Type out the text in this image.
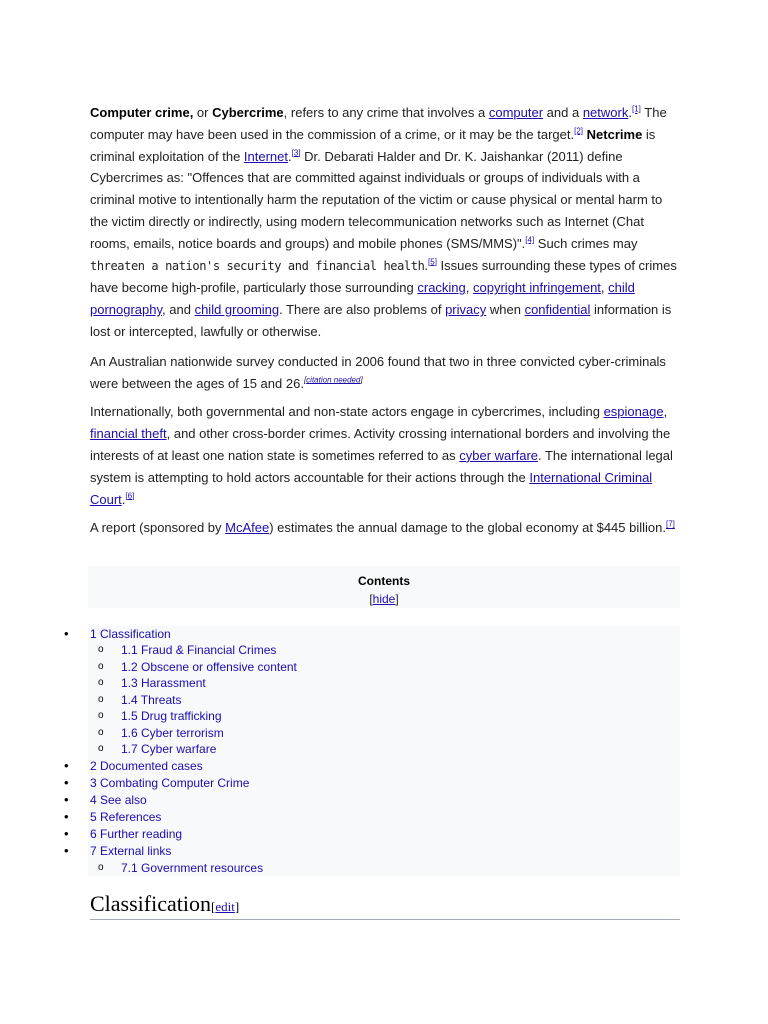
Computer crime, or Cybercrime, refers to any crime that involves a computer and a network.[1] The computer may have been used in the commission of a crime, or it may be the target.[2] Netcrime is criminal exploitation of the Internet.[3] Dr. Debarati Halder and Dr. K. Jaishankar (2011) define Cybercrimes as: "Offences that are committed against individuals or groups of individuals with a criminal motive to intentionally harm the reputation of the victim or cause physical or mental harm to the victim directly or indirectly, using modern telecommunication networks such as Internet (Chat rooms, emails, notice boards and groups) and mobile phones (SMS/MMS)".[4] Such crimes may threaten a nation's security and financial health.[5] Issues surrounding these types of crimes have become high-profile, particularly those surrounding cracking, copyright infringement, child pornography, and child grooming. There are also problems of privacy when confidential information is lost or intercepted, lawfully or otherwise.

An Australian nationwide survey conducted in 2006 found that two in three convicted cyber-criminals were between the ages of 15 and 26.[citation needed]

Internationally, both governmental and non-state actors engage in cybercrimes, including espionage, financial theft, and other cross-border crimes. Activity crossing international borders and involving the interests of at least one nation state is sometimes referred to as cyber warfare. The international legal system is attempting to hold actors accountable for their actions through the International Criminal Court.[6]

A report (sponsored by McAfee) estimates the annual damage to the global economy at $445 billion.[7]

Contents
[hide]
• 1 Classification
o 1.1 Fraud & Financial Crimes
o 1.2 Obscene or offensive content
o 1.3 Harassment
o 1.4 Threats
o 1.5 Drug trafficking
o 1.6 Cyber terrorism
o 1.7 Cyber warfare
• 2 Documented cases
• 3 Combating Computer Crime
• 4 See also
• 5 References
• 6 Further reading
• 7 External links
o 7.1 Government resources
Classification[edit]
